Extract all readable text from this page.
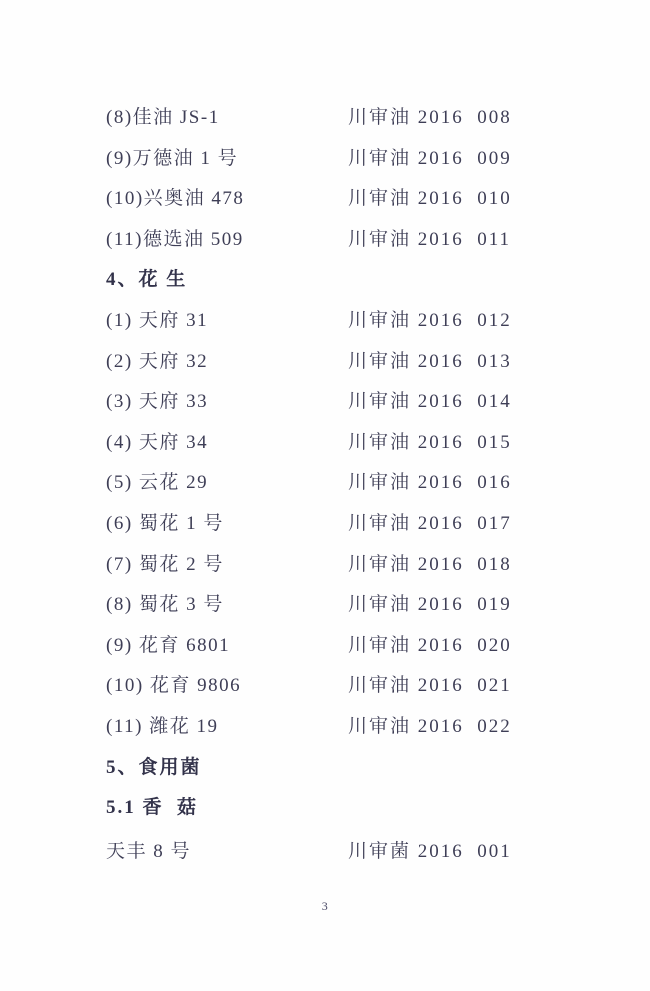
(8)佳油 JS-1	川审油 2016  008
(9)万德油 1 号	川审油 2016  009
(10)兴奥油 478	川审油 2016  010
(11)德选油 509	川审油 2016  011
4、花 生
(1) 天府 31	川审油 2016  012
(2) 天府 32	川审油 2016  013
(3) 天府 33	川审油 2016  014
(4) 天府 34	川审油 2016  015
(5) 云花 29	川审油 2016  016
(6) 蜀花 1 号	川审油 2016  017
(7) 蜀花 2 号	川审油 2016  018
(8) 蜀花 3 号	川审油 2016  019
(9) 花育 6801	川审油 2016  020
(10) 花育 9806	川审油 2016  021
(11) 潍花 19	川审油 2016  022
5、食用菌
5.1 香  菇
天丰 8 号	川审菌 2016  001
3
